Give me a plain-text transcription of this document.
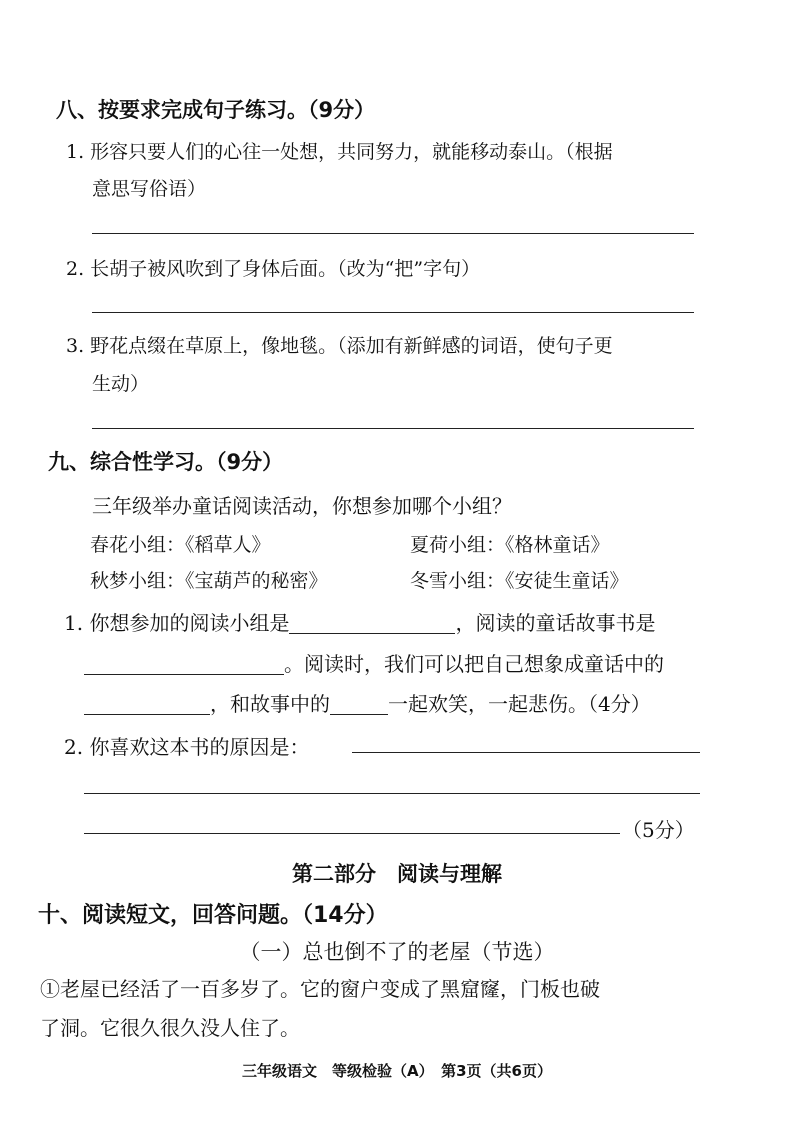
八、按要求完成句子练习。（9分）
1. 形容只要人们的心往一处想，共同努力，就能移动泰山。（根据
意思写俗语）
2. 长胡子被风吹到了身体后面。（改为“把”字句）
3. 野花点缀在草原上，像地毯。（添加有新鲜感的词语，使句子更
生动）
九、综合性学习。（9分）
三年级举办童话阅读活动，你想参加哪个小组？
春花小组：《稻草人》	夏荷小组：《格林童话》
秋梦小组：《宝葫芦的秘密》	冬雪小组：《安徒生童话》
1. 你想参加的阅读小组是	，阅读的童话故事书是
。阅读时，我们可以把自己想象成童话中的
，和故事中的	一起欢笑，一起悲伤。（4分）
2. 你喜欢这本书的原因是：
（5分）
第二部分　阅读与理解
十、阅读短文，回答问题。（14分）
（一）总也倒不了的老屋（节选）
①老屋已经活了一百多岁了。它的窗户变成了黑窟窿，门板也破
了洞。它很久很久没人住了。
三年级语文　等级检验（A）　第3页（共6页）
